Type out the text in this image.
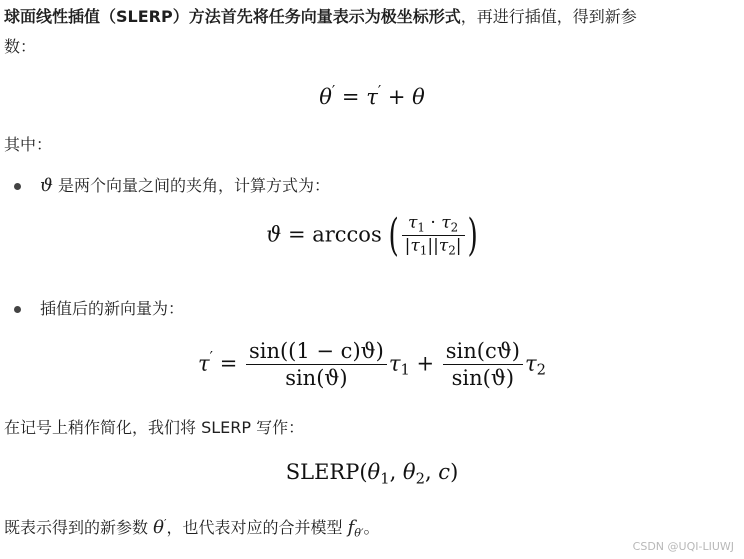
球面线性插值（SLERP）方法首先将任务向量表示为极坐标形式，再进行插值，得到新参
数：
θ′ = τ′ + θ
其中：
ϑ 是两个向量之间的夹角，计算方式为：
ϑ = arccos ( $\frac{\tau_1 \cdot \tau_2}{|\tau_1||\tau_2|}$ )
插值后的新向量为：
$\tau' = \frac{\sin((1 - c)ϑ)}{\sin(ϑ)} \tau_1 + \frac{\sin(cϑ)}{\sin(ϑ)} \tau_2$
在记号上稍作简化，我们将 SLERP 写作：
$SLERP(\theta_1$, $\theta_2$, c)
既表示得到的新参数 θ′，也代表对应的合并模型 $f_{\theta'}$。
CSDN @UQI-LIUWJ
